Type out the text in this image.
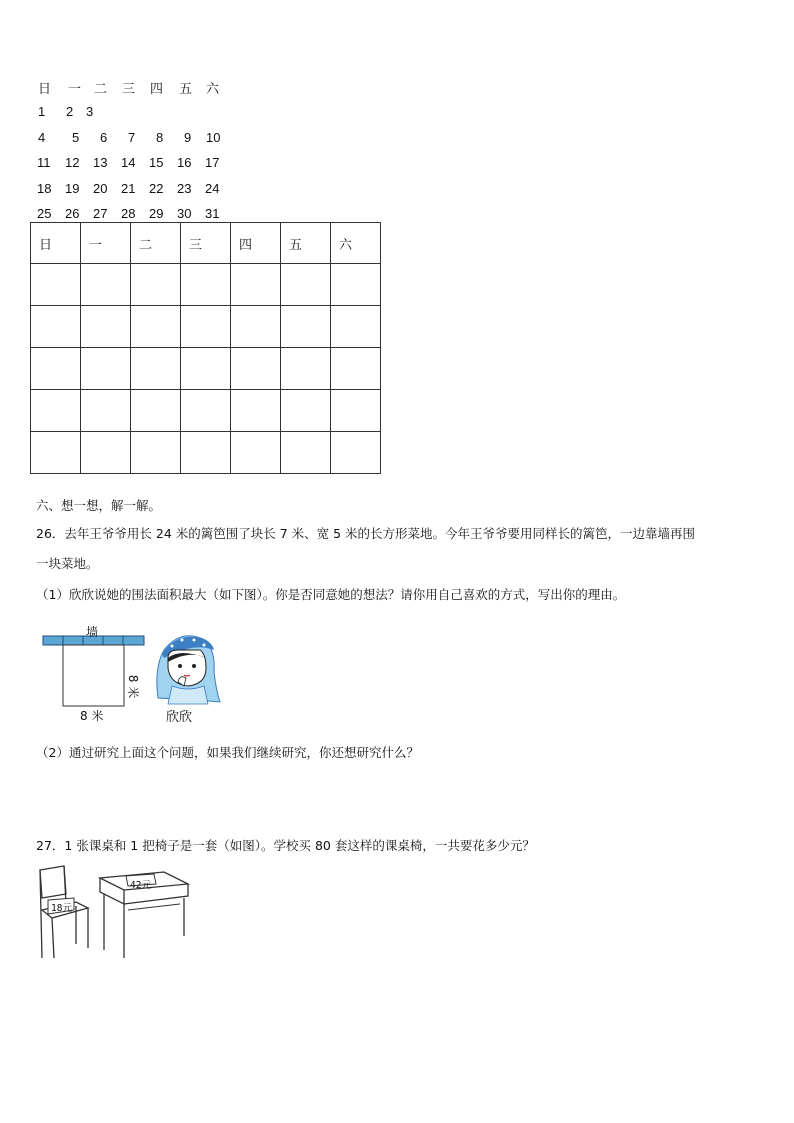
日 一 二 三 四 五 六
1 2 3
4 5 6 7 8 9 10
11 12 13 14 15 16 17
18 19 20 21 22 23 24
25 26 27 28 29 30 31
日	一	二	三	四	五	六

六、想一想，解一解。
26．去年王爷爷用长 24 米的篱笆围了块长 7 米、宽 5 米的长方形菜地。今年王爷爷要用同样长的篱笆，一边靠墙再围
一块菜地。
（1）欣欣说她的围法面积最大（如下图）。你是否同意她的想法？请你用自己喜欢的方式，写出你的理由。
墙
8 米
8 米	欣欣
（2）通过研究上面这个问题，如果我们继续研究，你还想研究什么？
27．1 张课桌和 1 把椅子是一套（如图）。学校买 80 套这样的课桌椅，一共要花多少元？
18元
42元
